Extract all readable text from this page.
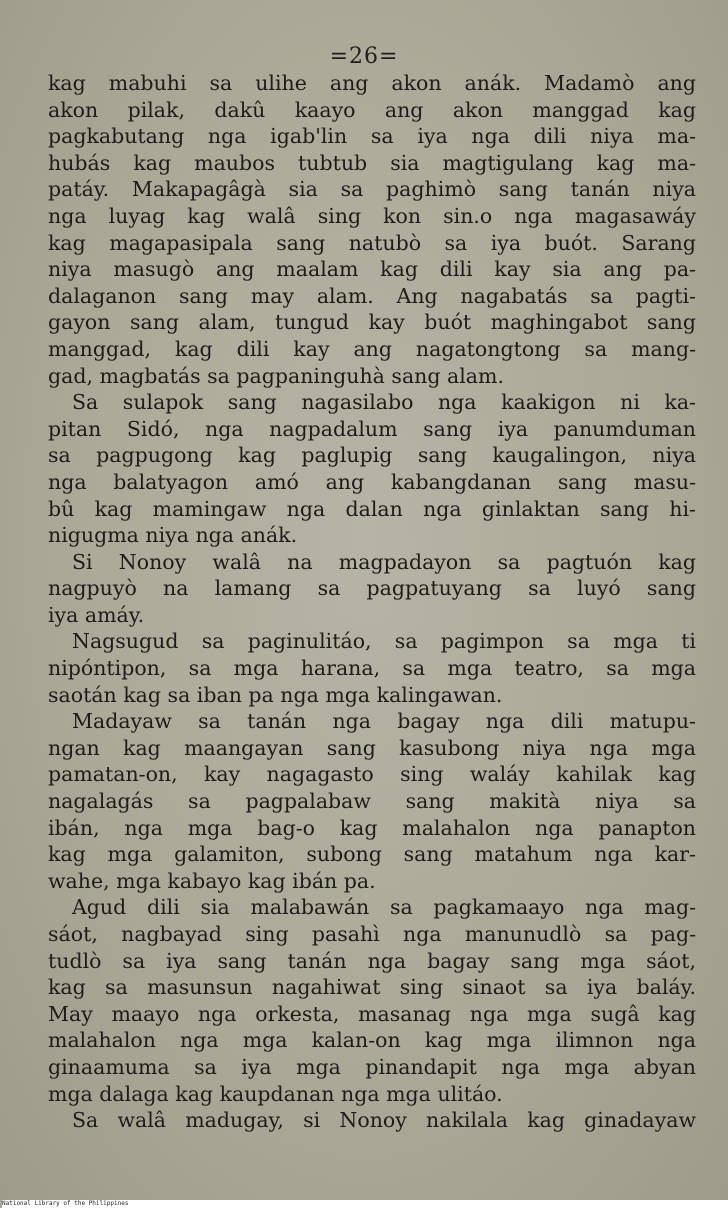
=26=
kag mabuhi sa ulihe ang akon anák. Madamò ang
akon pilak, dakû kaayo ang akon manggad kag
pagkabutang nga igab'lin sa iya nga dili niya ma-
hubás kag maubos tubtub sia magtigulang kag ma-
patáy. Makapagâgà sia sa paghimò sang tanán niya
nga luyag kag walâ sing kon sin.o nga magasawáy
kag magapasipala sang natubò sa iya buót. Sarang
niya masugò ang maalam kag dili kay sia ang pa-
dalaganon sang may alam. Ang nagabatás sa pagti-
gayon sang alam, tungud kay buót maghingabot sang
manggad, kag dili kay ang nagatongtong sa mang-
gad, magbatás sa pagpaninguhà sang alam.
Sa sulapok sang nagasilabo nga kaakigon ni ka-
pitan Sidó, nga nagpadalum sang iya panumduman
sa pagpugong kag paglupig sang kaugalingon, niya
nga balatyagon amó ang kabangdanan sang masu-
bû kag mamingaw nga dalan nga ginlaktan sang hi-
nigugma niya nga anák.
Si Nonoy walâ na magpadayon sa pagtuón kag
nagpuyò na lamang sa pagpatuyang sa luyó sang
iya amáy.
Nagsugud sa paginulitáo, sa pagimpon sa mga ti
nipóntipon, sa mga harana, sa mga teatro, sa mga
saotán kag sa iban pa nga mga kalingawan.
Madayaw sa tanán nga bagay nga dili matupu-
ngan kag maangayan sang kasubong niya nga mga
pamatan-on, kay nagagasto sing waláy kahilak kag
nagalagás sa pagpalabaw sang makità niya sa
ibán, nga mga bag-o kag malahalon nga panapton
kag mga galamiton, subong sang matahum nga kar-
wahe, mga kabayo kag ibán pa.
Agud dili sia malabawán sa pagkamaayo nga mag-
sáot, nagbayad sing pasahì nga manunudlò sa pag-
tudlò sa iya sang tanán nga bagay sang mga sáot,
kag sa masunsun nagahiwat sing sinaot sa iya baláy.
May maayo nga orkesta, masanag nga mga sugâ kag
malahalon nga mga kalan-on kag mga ilimnon nga
ginaamuma sa iya mga pinandapit nga mga abyan
mga dalaga kag kaupdanan nga mga ulitáo.
Sa walâ madugay, si Nonoy nakilala kag ginadayaw
National Library of the Philippines
